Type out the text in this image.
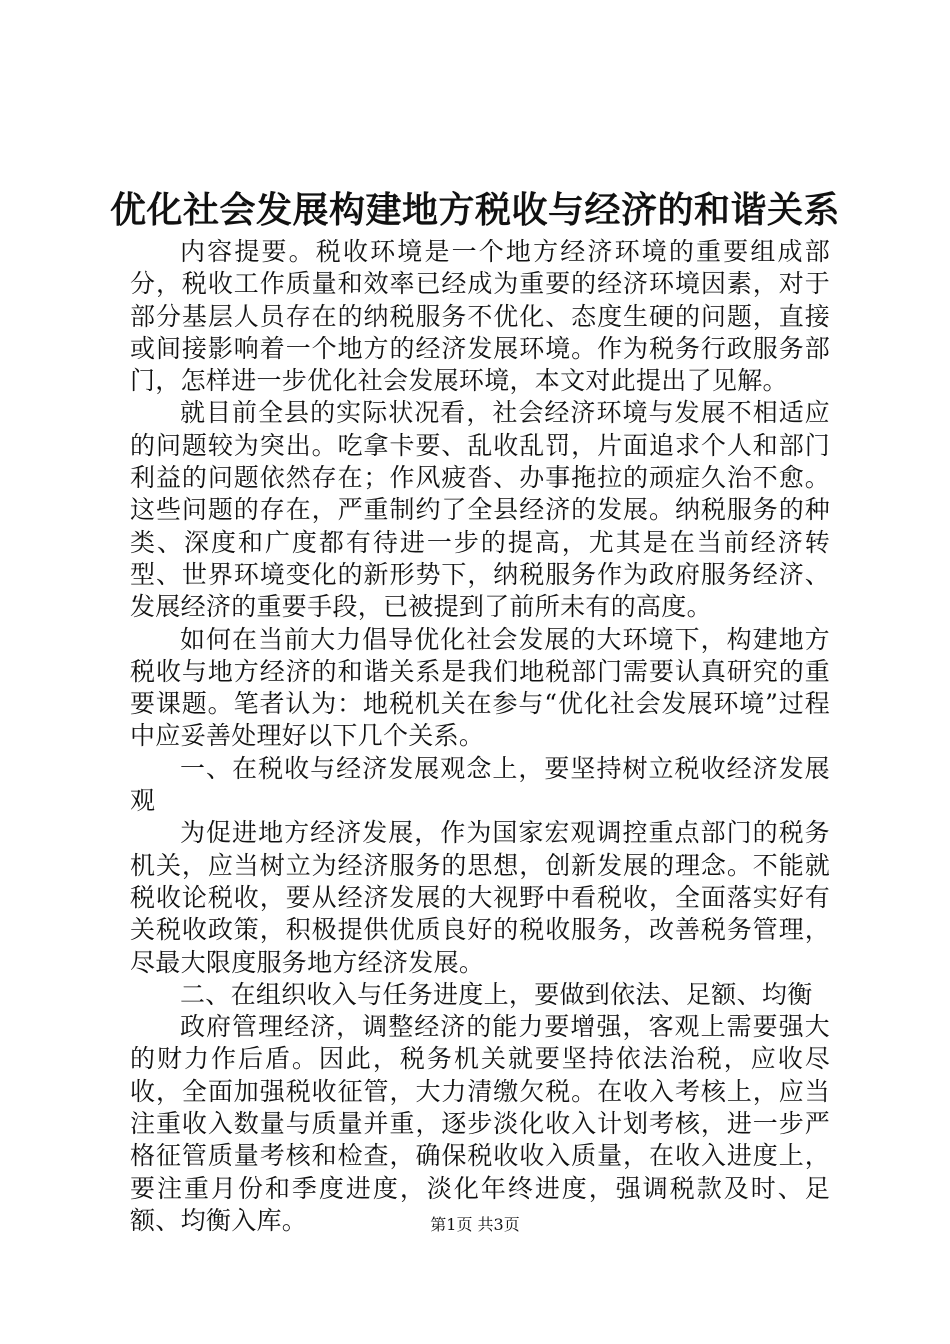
优化社会发展构建地方税收与经济的和谐关系

内容提要。税收环境是一个地方经济环境的重要组成部分，税收工作质量和效率已经成为重要的经济环境因素，对于部分基层人员存在的纳税服务不优化、态度生硬的问题，直接或间接影响着一个地方的经济发展环境。作为税务行政服务部门，怎样进一步优化社会发展环境，本文对此提出了见解。

就目前全县的实际状况看，社会经济环境与发展不相适应的问题较为突出。吃拿卡要、乱收乱罚，片面追求个人和部门利益的问题依然存在；作风疲沓、办事拖拉的顽症久治不愈。这些问题的存在，严重制约了全县经济的发展。纳税服务的种类、深度和广度都有待进一步的提高，尤其是在当前经济转型、世界环境变化的新形势下，纳税服务作为政府服务经济、发展经济的重要手段，已被提到了前所未有的高度。

如何在当前大力倡导优化社会发展的大环境下，构建地方税收与地方经济的和谐关系是我们地税部门需要认真研究的重要课题。笔者认为：地税机关在参与“优化社会发展环境”过程中应妥善处理好以下几个关系。

一、在税收与经济发展观念上，要坚持树立税收经济发展观

为促进地方经济发展，作为国家宏观调控重点部门的税务机关，应当树立为经济服务的思想，创新发展的理念。不能就税收论税收，要从经济发展的大视野中看税收，全面落实好有关税收政策，积极提供优质良好的税收服务，改善税务管理，尽最大限度服务地方经济发展。

二、在组织收入与任务进度上，要做到依法、足额、均衡

政府管理经济，调整经济的能力要增强，客观上需要强大的财力作后盾。因此，税务机关就要坚持依法治税，应收尽收，全面加强税收征管，大力清缴欠税。在收入考核上，应当注重收入数量与质量并重，逐步淡化收入计划考核，进一步严格征管质量考核和检查，确保税收收入质量，在收入进度上，要注重月份和季度进度，淡化年终进度，强调税款及时、足额、均衡入库。	第1页 共3页
